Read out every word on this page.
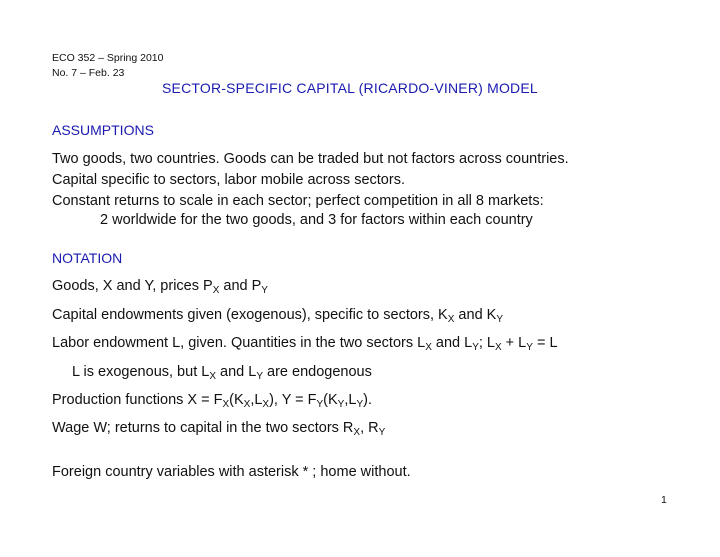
ECO 352 – Spring 2010
No. 7 – Feb. 23
SECTOR-SPECIFIC CAPITAL (RICARDO-VINER) MODEL
ASSUMPTIONS
Two goods, two countries. Goods can be traded but not factors across countries.
Capital specific to sectors, labor mobile across sectors.
Constant returns to scale in each sector; perfect competition in all 8 markets:
2 worldwide for the two goods, and 3 for factors within each country
NOTATION
Goods, X and Y, prices $P_X$ and $P_Y$
Capital endowments given (exogenous), specific to sectors, $K_X$ and $K_Y$
Labor endowment L, given. Quantities in the two sectors $L_X$ and $L_Y$; $L_X + L_Y = L$
L is exogenous, but $L_X$ and $L_Y$ are endogenous
Production functions $X = F_X(K_X,L_X)$, $Y = F_Y(K_Y,L_Y)$.
Wage W; returns to capital in the two sectors $R_X$, $R_Y$
Foreign country variables with asterisk * ; home without.
1
